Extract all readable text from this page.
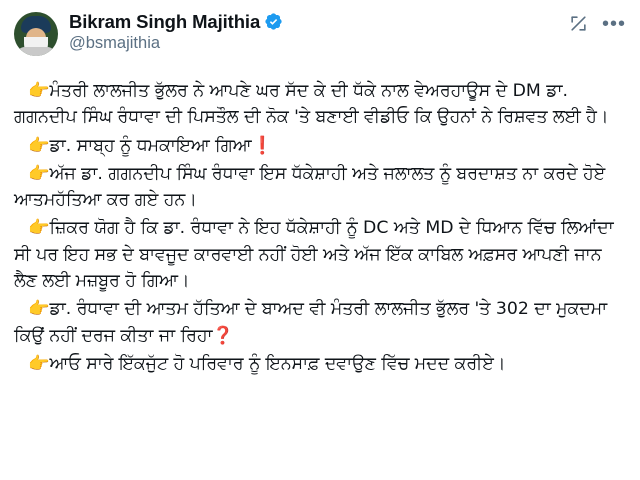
Bikram Singh Majithia
@bsmajithia
•••

👉ਮੰਤਰੀ ਲਾਲਜੀਤ ਭੁੱਲਰ ਨੇ ਆਪਣੇ ਘਰ ਸੱਦ ਕੇ ਦੀ ਧੱਕੇ ਨਾਲ ਵੇਅਰਹਾਊਸ ਦੇ DM ਡਾ. ਗਗਨਦੀਪ ਸਿੰਘ ਰੰਧਾਵਾ ਦੀ ਪਿਸਤੌਲ ਦੀ ਨੋਕ 'ਤੇ ਬਣਾਈ ਵੀਡੀਓ ਕਿ ਉਹਨਾਂ ਨੇ ਰਿਸ਼ਵਤ ਲਈ ਹੈ।

👉ਡਾ. ਸਾਬ੍ਹ ਨੂੰ ਧਮਕਾਇਆ ਗਿਆ❗

👉ਅੱਜ ਡਾ. ਗਗਨਦੀਪ ਸਿੰਘ ਰੰਧਾਵਾ ਇਸ ਧੱਕੇਸ਼ਾਹੀ ਅਤੇ ਜਲਾਲਤ ਨੂੰ ਬਰਦਾਸ਼ਤ ਨਾ ਕਰਦੇ ਹੋਏ ਆਤਮਹੱਤਿਆ ਕਰ ਗਏ ਹਨ।

👉ਜ਼ਿਕਰ ਯੋਗ ਹੈ ਕਿ ਡਾ. ਰੰਧਾਵਾ ਨੇ ਇਹ ਧੱਕੇਸ਼ਾਹੀ ਨੂੰ DC ਅਤੇ MD ਦੇ ਧਿਆਨ ਵਿੱਚ ਲਿਆਂਦਾ ਸੀ ਪਰ ਇਹ ਸਭ ਦੇ ਬਾਵਜੂਦ ਕਾਰਵਾਈ ਨਹੀਂ ਹੋਈ ਅਤੇ ਅੱਜ ਇੱਕ ਕਾਬਿਲ ਅਫ਼ਸਰ ਆਪਣੀ ਜਾਨ ਲੈਣ ਲਈ ਮਜ਼ਬੂਰ ਹੋ ਗਿਆ।

👉ਡਾ. ਰੰਧਾਵਾ ਦੀ ਆਤਮ ਹੱਤਿਆ ਦੇ ਬਾਅਦ ਵੀ ਮੰਤਰੀ ਲਾਲਜੀਤ ਭੁੱਲਰ 'ਤੇ 302 ਦਾ ਮੁਕਦਮਾ ਕਿਉਂ ਨਹੀਂ ਦਰਜ ਕੀਤਾ ਜਾ ਰਿਹਾ❓

👉ਆਓ ਸਾਰੇ ਇੱਕਜੁੱਟ ਹੋ ਪਰਿਵਾਰ ਨੂੰ ਇਨਸਾਫ਼ ਦਵਾਉਣ ਵਿੱਚ ਮਦਦ ਕਰੀਏ।
